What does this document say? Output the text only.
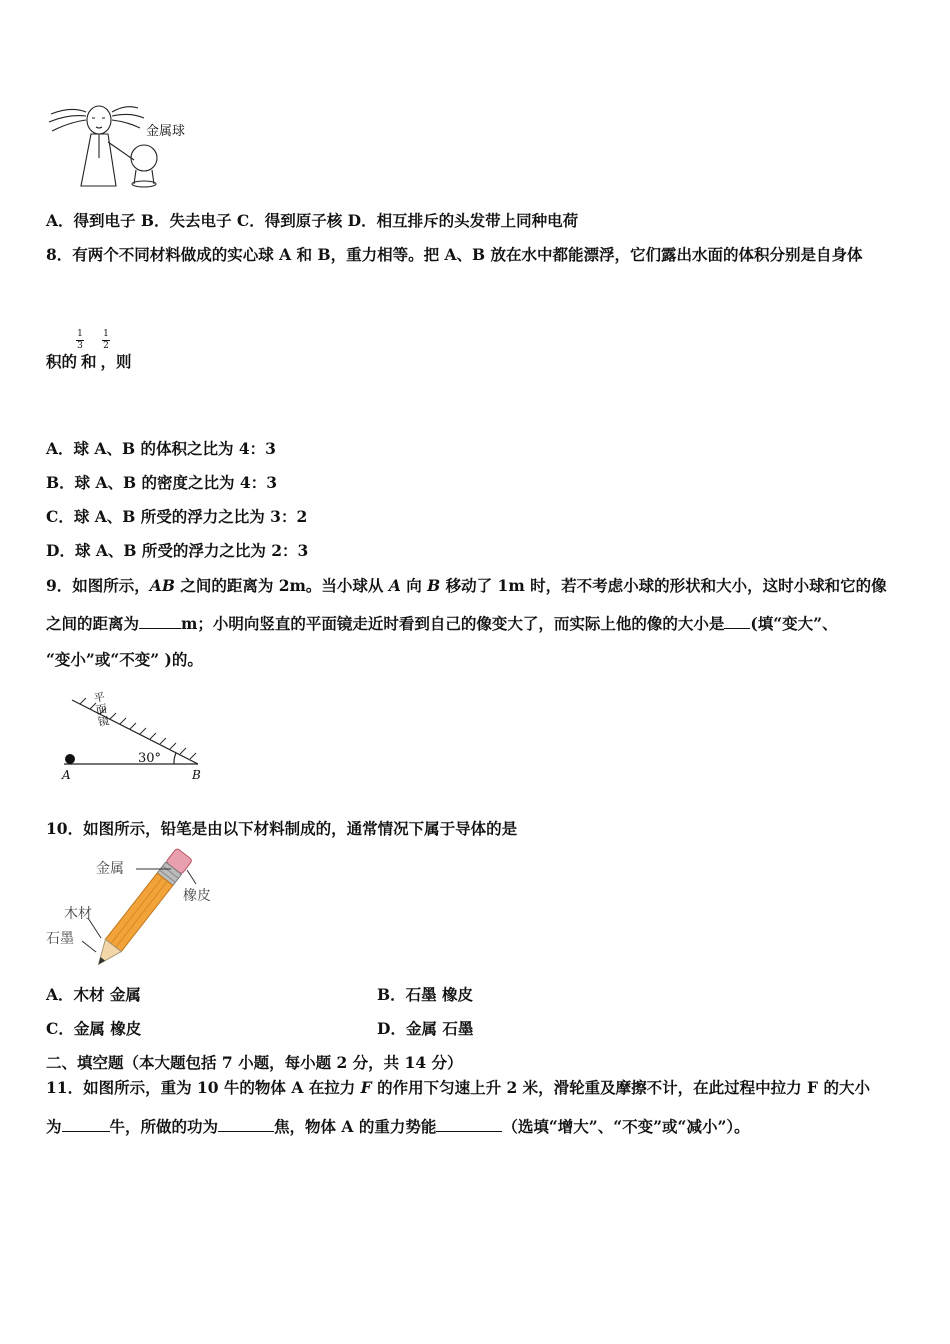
金属球
A．得到电子 B．失去电子 C．得到原子核 D．相互排斥的头发带上同种电荷
8．有两个不同材料做成的实心球 A 和 B，重力相等。把 A、B 放在水中都能漂浮，它们露出水面的体积分别是自身体
1
3
1
2
积的 和 ，则
A．球 A、B 的体积之比为 4：3
B．球 A、B 的密度之比为 4：3
C．球 A、B 所受的浮力之比为 3：2
D．球 A、B 所受的浮力之比为 2：3
9．如图所示，AB 之间的距离为 2m。当小球从 A 向 B 移动了 1m 时，若不考虑小球的形状和大小，这时小球和它的像
之间的距离为	m；小明向竖直的平面镜走近时看到自己的像变大了，而实际上他的像的大小是 (填“变大”、
“变小”或“不变” )的。
平面镜
30°
A	B
10．如图所示，铅笔是由以下材料制成的，通常情况下属于导体的是
金属
橡皮
木材
石墨
A．木材 金属	B．石墨 橡皮
C．金属 橡皮	D．金属 石墨
二、填空题（本大题包括 7 小题，每小题 2 分，共 14 分）
11．如图所示，重为 10 牛的物体 A 在拉力 F 的作用下匀速上升 2 米，滑轮重及摩擦不计，在此过程中拉力 F 的大小
为	牛，所做的功为	焦，物体 A 的重力势能	（选填“增大”、“不变”或“减小”）。
